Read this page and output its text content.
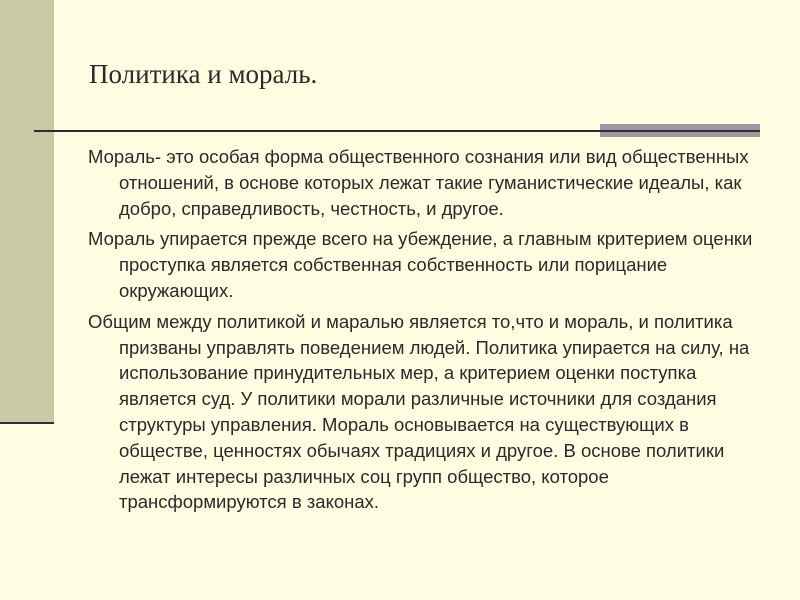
Политика и мораль.

Мораль- это особая форма общественного сознания или вид общественных отношений, в основе которых лежат такие гуманистические идеалы, как добро, справедливость, честность, и другое.

Мораль упирается прежде всего на убеждение, а главным критерием оценки проступка является собственная собственность или порицание окружающих.

Общим между политикой и маралью является то,что и мораль, и политика призваны управлять поведением людей. Политика упирается на силу, на использование принудительных мер, а критерием оценки поступка является суд. У политики морали различные источники для создания структуры управления. Мораль основывается на существующих в обществе, ценностях обычаях традициях и другое. В основе политики лежат интересы различных соц групп общество, которое трансформируются в законах.
